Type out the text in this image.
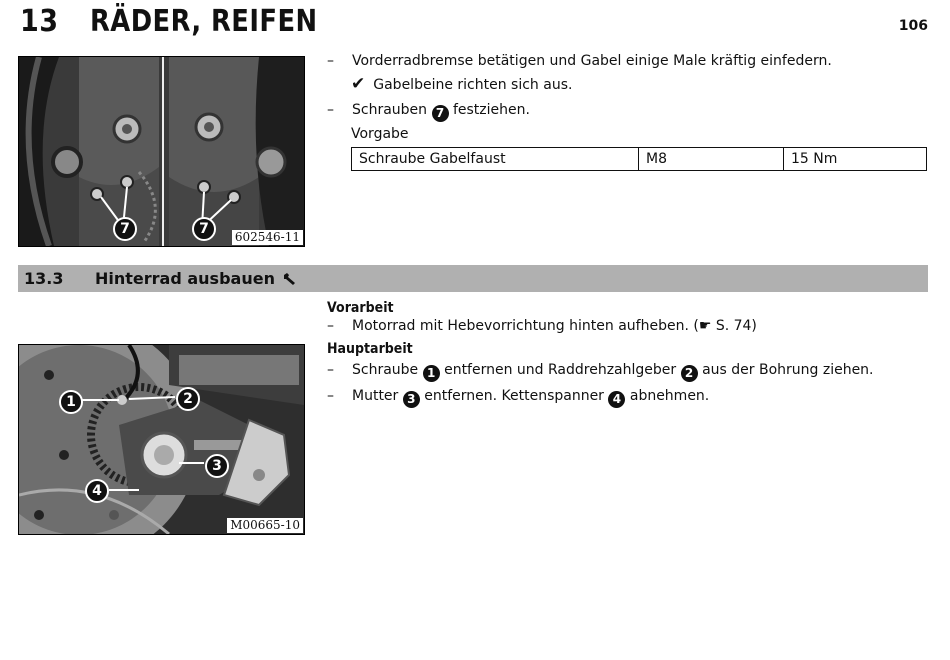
13 RÄDER, REIFEN	106
7	7	602546-11
– Vorderradbremse betätigen und Gabel einige Male kräftig einfedern.
✔ Gabelbeine richten sich aus.
– Schrauben 7 festziehen.
Vorgabe
Schraube Gabelfaust	M8	15 Nm
13.3 Hinterrad ausbauen
1	2
3
4
M00665-10
Vorarbeit
– Motorrad mit Hebevorrichtung hinten aufheben. (☛ S. 74)
Hauptarbeit
– Schraube 1 entfernen und Raddrehzahlgeber 2 aus der Bohrung ziehen.
– Mutter 3 entfernen. Kettenspanner 4 abnehmen.
